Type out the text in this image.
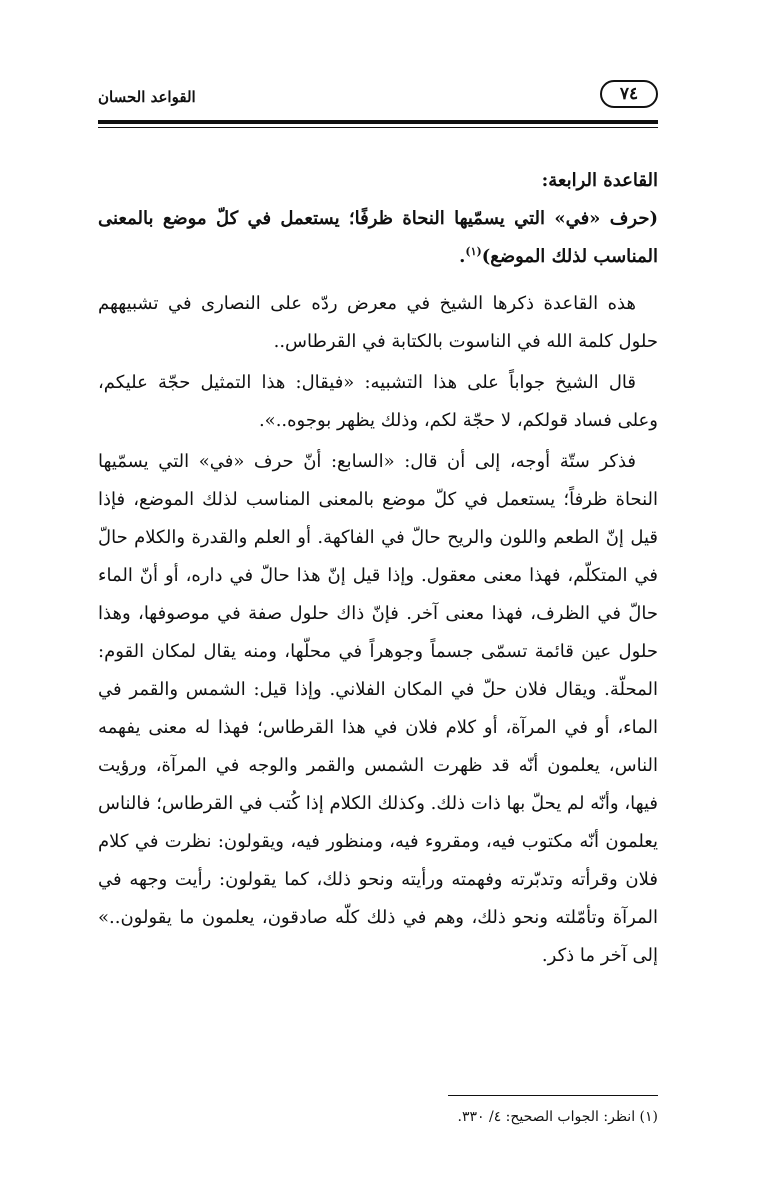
القواعد الحسان	٧٤

القاعدة الرابعة:

(حرف «في» التي يسمّيها النحاة ظرفًا؛ يستعمل في كلّ موضع بالمعنى المناسب لذلك الموضع)$^{(١)}$.

هذه القاعدة ذكرها الشيخ في معرض ردّه على النصارى في تشبيههم حلول كلمة الله في الناسوت بالكتابة في القرطاس..

قال الشيخ جواباً على هذا التشبيه: «فيقال: هذا التمثيل حجّة عليكم، وعلى فساد قولكم، لا حجّة لكم، وذلك يظهر بوجوه..».

فذكر ستّة أوجه، إلى أن قال: «السابع: أنّ حرف «في» التي يسمّيها النحاة ظرفاً؛ يستعمل في كلّ موضع بالمعنى المناسب لذلك الموضع، فإذا قيل إنّ الطعم واللون والريح حالّ في الفاكهة. أو العلم والقدرة والكلام حالّ في المتكلّم، فهذا معنى معقول. وإذا قيل إنّ هذا حالّ في داره، أو أنّ الماء حالّ في الظرف، فهذا معنى آخر. فإنّ ذاك حلول صفة في موصوفها، وهذا حلول عين قائمة تسمّى جسماً وجوهراً في محلّها، ومنه يقال لمكان القوم: المحلّة. ويقال فلان حلّ في المكان الفلاني. وإذا قيل: الشمس والقمر في الماء، أو في المرآة، أو كلام فلان في هذا القرطاس؛ فهذا له معنى يفهمه الناس، يعلمون أنّه قد ظهرت الشمس والقمر والوجه في المرآة، ورؤيت فيها، وأنّه لم يحلّ بها ذات ذلك. وكذلك الكلام إذا كُتب في القرطاس؛ فالناس يعلمون أنّه مكتوب فيه، ومقروء فيه، ومنظور فيه، ويقولون: نظرت في كلام فلان وقرأته وتدبّرته وفهمته ورأيته ونحو ذلك، كما يقولون: رأيت وجهه في المرآة وتأمّلته ونحو ذلك، وهم في ذلك كلّه صادقون، يعلمون ما يقولون..» إلى آخر ما ذكر.

(١) انظر: الجواب الصحيح: ٤/ ٣٣٠.
